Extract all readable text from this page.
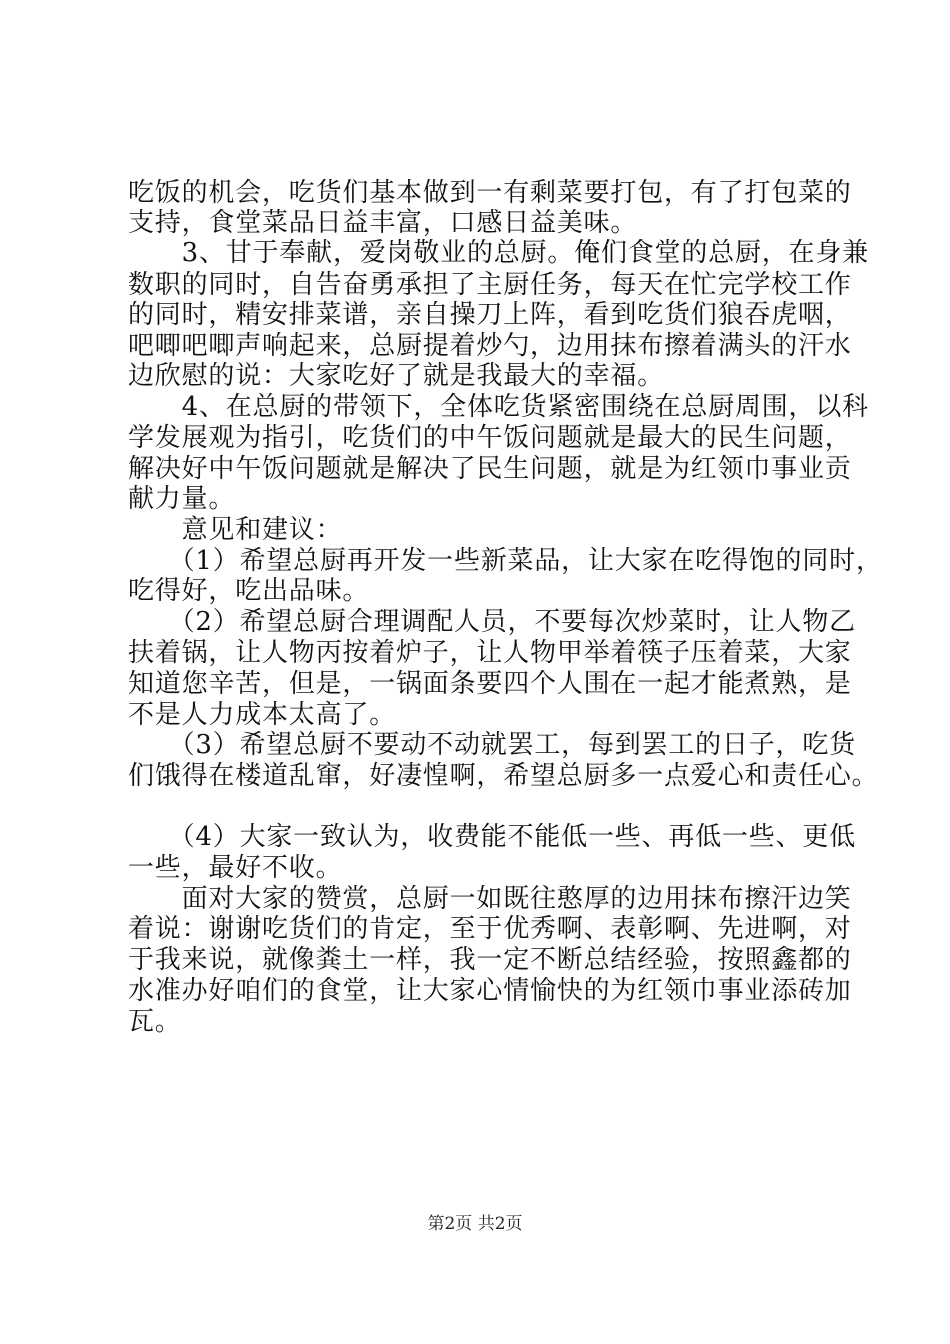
吃饭的机会，吃货们基本做到一有剩菜要打包，有了打包菜的
支持，食堂菜品日益丰富，口感日益美味。
　　3、甘于奉献，爱岗敬业的总厨。俺们食堂的总厨，在身兼
数职的同时，自告奋勇承担了主厨任务，每天在忙完学校工作
的同时，精安排菜谱，亲自操刀上阵，看到吃货们狼吞虎咽，
吧唧吧唧声响起来，总厨提着炒勺，边用抹布擦着满头的汗水
边欣慰的说：大家吃好了就是我最大的幸福。
　　4、在总厨的带领下，全体吃货紧密围绕在总厨周围，以科
学发展观为指引，吃货们的中午饭问题就是最大的民生问题，
解决好中午饭问题就是解决了民生问题，就是为红领巾事业贡
献力量。
　　意见和建议：
　　（1）希望总厨再开发一些新菜品，让大家在吃得饱的同时，
吃得好，吃出品味。
　　（2）希望总厨合理调配人员，不要每次炒菜时，让人物乙
扶着锅，让人物丙按着炉子，让人物甲举着筷子压着菜，大家
知道您辛苦，但是，一锅面条要四个人围在一起才能煮熟，是
不是人力成本太高了。
　　（3）希望总厨不要动不动就罢工，每到罢工的日子，吃货
们饿得在楼道乱窜，好凄惶啊，希望总厨多一点爱心和责任心。
　　（4）大家一致认为，收费能不能低一些、再低一些、更低
一些，最好不收。
　　面对大家的赞赏，总厨一如既往憨厚的边用抹布擦汗边笑
着说：谢谢吃货们的肯定，至于优秀啊、表彰啊、先进啊，对
于我来说，就像粪土一样，我一定不断总结经验，按照鑫都的
水准办好咱们的食堂，让大家心情愉快的为红领巾事业添砖加
瓦。
第2页 共2页
